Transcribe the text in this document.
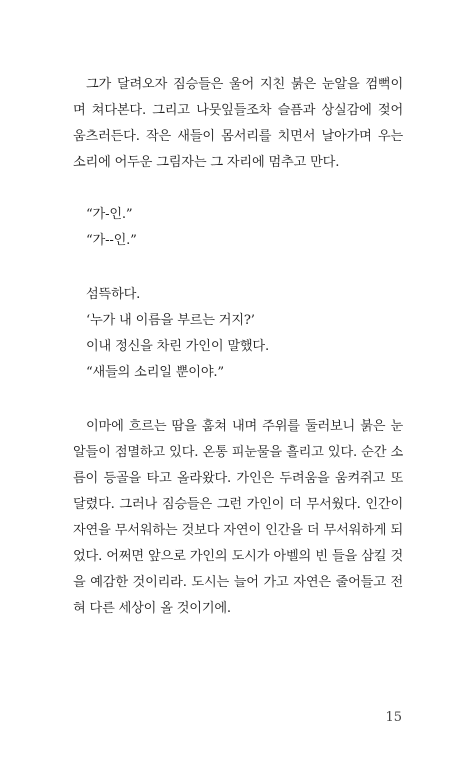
그가 달려오자 짐승들은 울어 지친 붉은 눈알을 껌뻑이
며 쳐다본다. 그리고 나뭇잎들조차 슬픔과 상실감에 젖어
움츠러든다. 작은 새들이 몸서리를 치면서 날아가며 우는
소리에 어두운 그림자는 그 자리에 멈추고 만다.
“가-인.”
“가--인.”
섬뜩하다.
‘누가 내 이름을 부르는 거지?’
이내 정신을 차린 가인이 말했다.
“새들의 소리일 뿐이야.”
이마에 흐르는 땀을 훔쳐 내며 주위를 둘러보니 붉은 눈
알들이 점멸하고 있다. 온통 피눈물을 흘리고 있다. 순간 소
름이 등골을 타고 올라왔다. 가인은 두려움을 움켜쥐고 또
달렸다. 그러나 짐승들은 그런 가인이 더 무서웠다. 인간이
자연을 무서워하는 것보다 자연이 인간을 더 무서워하게 되
었다. 어쩌면 앞으로 가인의 도시가 아벨의 빈 들을 삼킬 것
을 예감한 것이리라. 도시는 늘어 가고 자연은 줄어들고 전
혀 다른 세상이 올 것이기에.
15
